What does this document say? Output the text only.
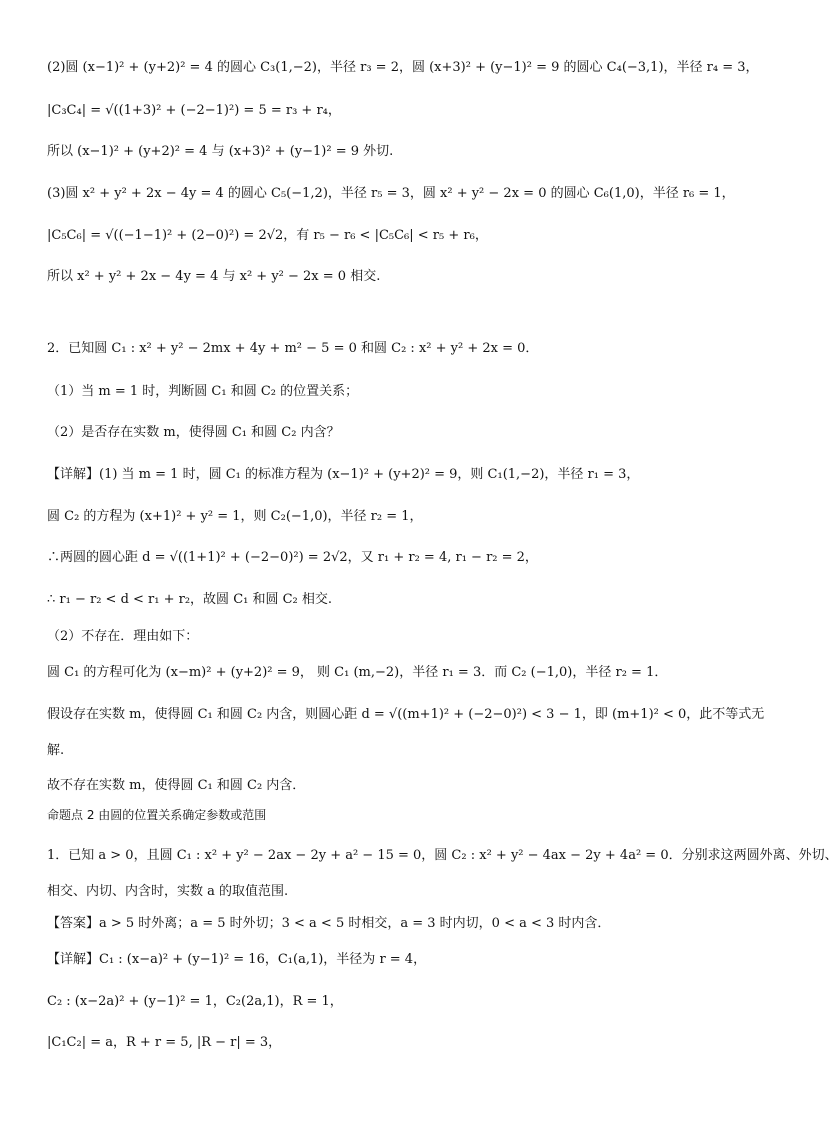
(2)圆 (x−1)² + (y+2)² = 4 的圆心 C₃(1,−2)，半径 r₃ = 2，圆 (x+3)² + (y−1)² = 9 的圆心 C₄(−3,1)，半径 r₄ = 3，
|C₃C₄| = √((1+3)² + (−2−1)²) = 5 = r₃ + r₄，
所以 (x−1)² + (y+2)² = 4 与 (x+3)² + (y−1)² = 9 外切.
(3)圆 x² + y² + 2x − 4y = 4 的圆心 C₅(−1,2)，半径 r₅ = 3，圆 x² + y² − 2x = 0 的圆心 C₆(1,0)，半径 r₆ = 1，
|C₅C₆| = √((−1−1)² + (2−0)²) = 2√2，有 r₅ − r₆ < |C₅C₆| < r₅ + r₆，
所以 x² + y² + 2x − 4y = 4 与 x² + y² − 2x = 0 相交.
2．已知圆 C₁ : x² + y² − 2mx + 4y + m² − 5 = 0 和圆 C₂ : x² + y² + 2x = 0．
（1）当 m = 1 时，判断圆 C₁ 和圆 C₂ 的位置关系；
（2）是否存在实数 m，使得圆 C₁ 和圆 C₂ 内含？
【详解】(1) 当 m = 1 时，圆 C₁ 的标准方程为 (x−1)² + (y+2)² = 9，则 C₁(1,−2)，半径 r₁ = 3，
圆 C₂ 的方程为 (x+1)² + y² = 1，则 C₂(−1,0)，半径 r₂ = 1，
∴两圆的圆心距 d = √((1+1)² + (−2−0)²) = 2√2，又 r₁ + r₂ = 4, r₁ − r₂ = 2，
∴ r₁ − r₂ < d < r₁ + r₂，故圆 C₁ 和圆 C₂ 相交.
（2）不存在．理由如下：
圆 C₁ 的方程可化为 (x−m)² + (y+2)² = 9， 则 C₁ (m,−2)，半径 r₁ = 3．而 C₂ (−1,0)，半径 r₂ = 1．
假设存在实数 m，使得圆 C₁ 和圆 C₂ 内含，则圆心距 d = √((m+1)² + (−2−0)²) < 3 − 1，即 (m+1)² < 0，此不等式无
解.
故不存在实数 m，使得圆 C₁ 和圆 C₂ 内含．
命题点 2 由圆的位置关系确定参数或范围
1．已知 a > 0，且圆 C₁ : x² + y² − 2ax − 2y + a² − 15 = 0，圆 C₂ : x² + y² − 4ax − 2y + 4a² = 0．分别求这两圆外离、外切、
相交、内切、内含时，实数 a 的取值范围.
【答案】a > 5 时外离；a = 5 时外切；3 < a < 5 时相交，a = 3 时内切，0 < a < 3 时内含．
【详解】C₁ : (x−a)² + (y−1)² = 16，C₁(a,1)，半径为 r = 4，
C₂ : (x−2a)² + (y−1)² = 1，C₂(2a,1)，R = 1，
|C₁C₂| = a，R + r = 5, |R − r| = 3，
